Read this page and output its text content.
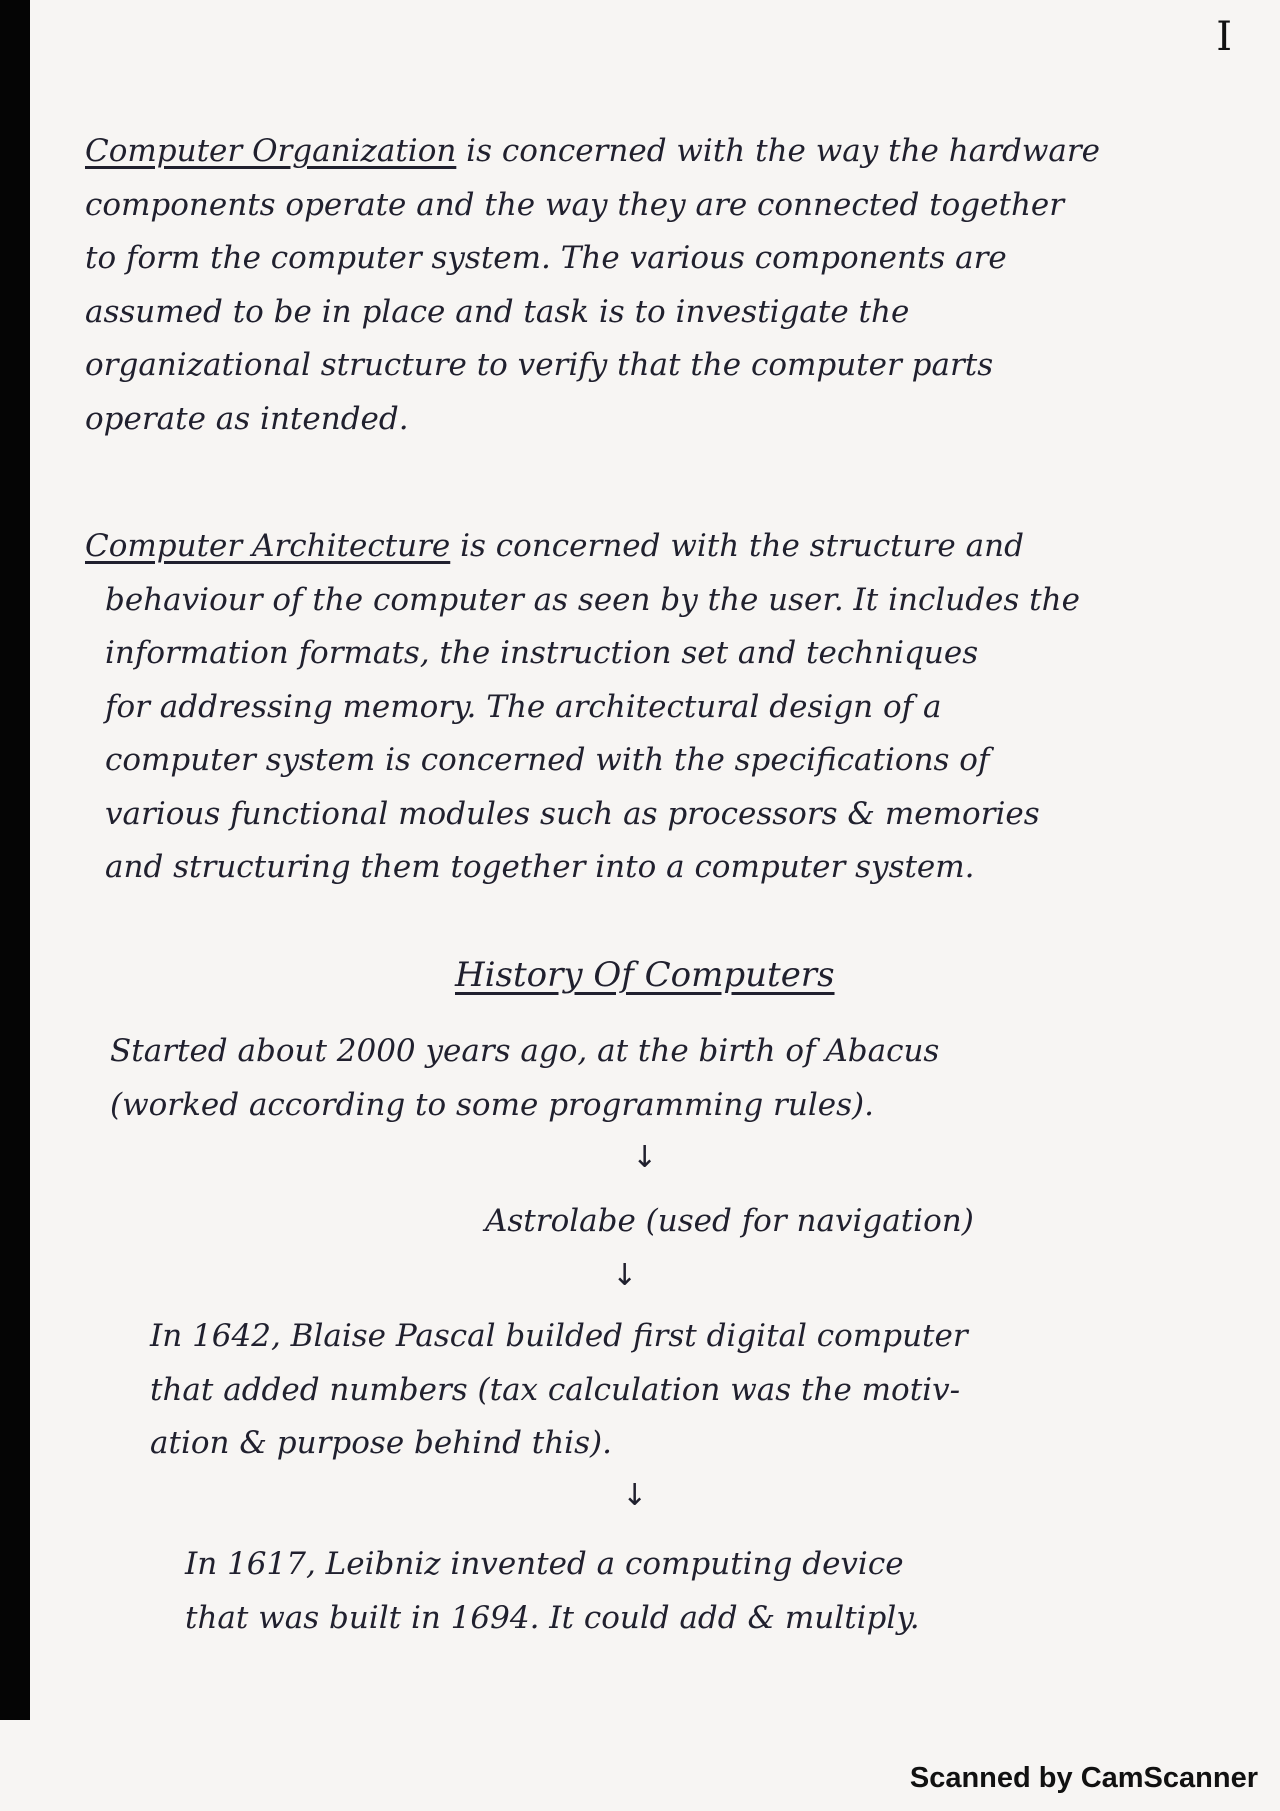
I
Computer Organization is concerned with the way the hardware
components operate and the way they are connected together
to form the computer system. The various components are
assumed to be in place and task is to investigate the
organizational structure to verify that the computer parts
operate as intended.
Computer Architecture is concerned with the structure and
behaviour of the computer as seen by the user. It includes the
information formats, the instruction set and techniques
for addressing memory. The architectural design of a
computer system is concerned with the specifications of
various functional modules such as processors & memories
and structuring them together into a computer system.
History Of Computers
Started about 2000 years ago, at the birth of Abacus
(worked according to some programming rules).
↓
Astrolabe (used for navigation)
↓
In 1642, Blaise Pascal builded first digital computer
that added numbers (tax calculation was the motiv-
ation & purpose behind this).
↓
In 1617, Leibniz invented a computing device
that was built in 1694. It could add & multiply.
Scanned by CamScanner
